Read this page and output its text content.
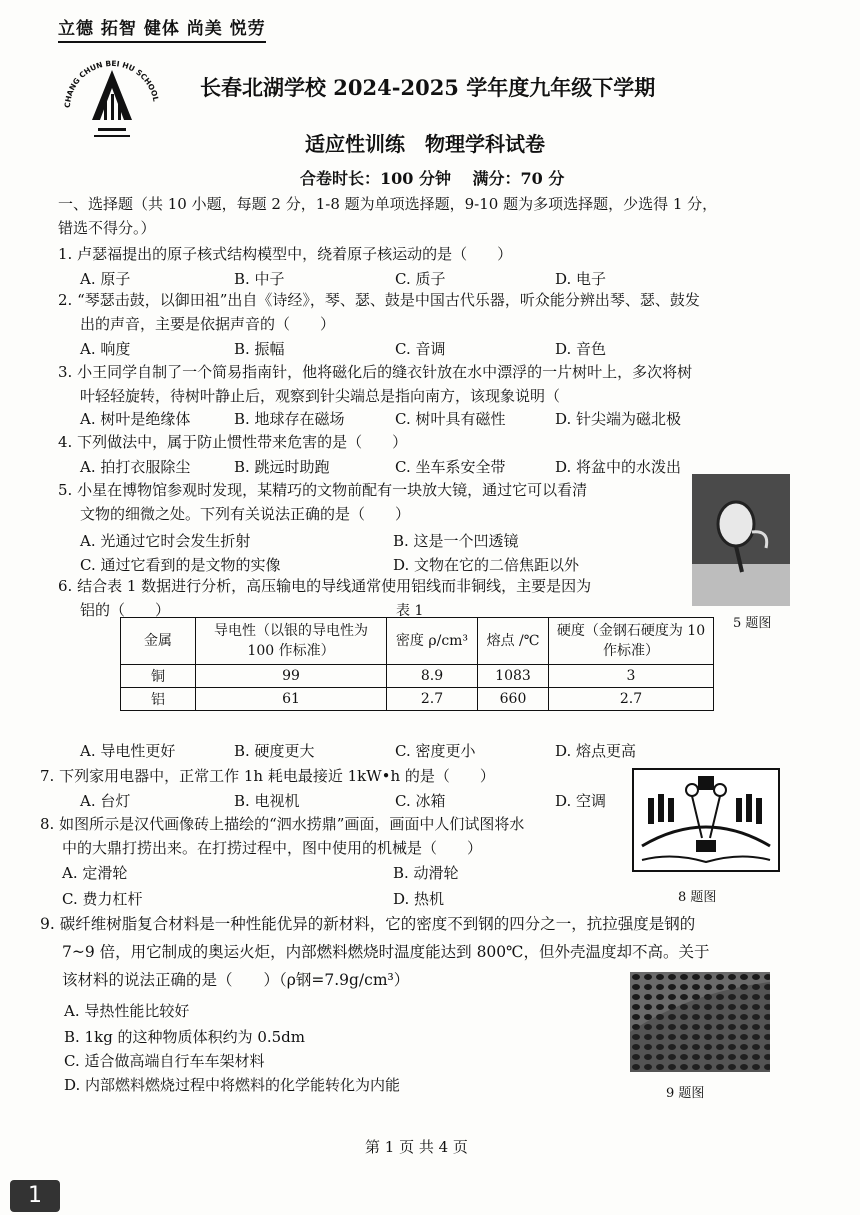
立德 拓智 健体 尚美 悦劳
CHANG CHUN BEI HU SCHOOL 长春北湖学校 2024-2025 学年度九年级下学期
适应性训练　物理学科试卷
合卷时长：100 分钟　 满分：70 分
一、选择题（共 10 小题，每题 2 分，1-8 题为单项选择题，9-10 题为多项选择题，少选得 1 分，
错选不得分。）
1. 卢瑟福提出的原子核式结构模型中，绕着原子核运动的是（　　）
A. 原子	B. 中子	C. 质子	D. 电子
2. “琴瑟击鼓，以御田祖”出自《诗经》，琴、瑟、鼓是中国古代乐器，听众能分辨出琴、瑟、鼓发
出的声音，主要是依据声音的（　　）
A. 响度	B. 振幅	C. 音调	D. 音色
3. 小王同学自制了一个简易指南针，他将磁化后的缝衣针放在水中漂浮的一片树叶上，多次将树
叶轻轻旋转，待树叶静止后，观察到针尖端总是指向南方，该现象说明（
A. 树叶是绝缘体	B. 地球存在磁场	C. 树叶具有磁性	D. 针尖端为磁北极
4. 下列做法中，属于防止惯性带来危害的是（　　）
A. 拍打衣服除尘	B. 跳远时助跑	C. 坐车系安全带	D. 将盆中的水泼出
5. 小星在博物馆参观时发现，某精巧的文物前配有一块放大镜，通过它可以看清
文物的细微之处。下列有关说法正确的是（　　）
A. 光通过它时会发生折射	B. 这是一个凹透镜
C. 通过它看到的是文物的实像	D. 文物在它的二倍焦距以外
5 题图
6. 结合表 1 数据进行分析，高压输电的导线通常使用铝线而非铜线，主要是因为
铝的（　　）	表 1
金属	导电性（以银的导电性为 100 作标准）	密度 ρ/cm³	熔点 /℃	硬度（金钢石硬度为 10 作标准）
铜	99	8.9	1083	3
铝	61	2.7	660	2.7
A. 导电性更好	B. 硬度更大	C. 密度更小	D. 熔点更高
7. 下列家用电器中，正常工作 1h 耗电最接近 1kW•h 的是（　　）
A. 台灯	B. 电视机	C. 冰箱	D. 空调
8. 如图所示是汉代画像砖上描绘的“泗水捞鼎”画面，画面中人们试图将水
中的大鼎打捞出来。在打捞过程中，图中使用的机械是（　　）
A. 定滑轮	B. 动滑轮
C. 费力杠杆	D. 热机	8 题图
9. 碳纤维树脂复合材料是一种性能优异的新材料，它的密度不到钢的四分之一，抗拉强度是钢的
7~9 倍，用它制成的奥运火炬，内部燃料燃烧时温度能达到 800℃，但外壳温度却不高。关于
该材料的说法正确的是（　　）（ρ钢=7.9g/cm³）
A. 导热性能比较好
B. 1kg 的这种物质体积约为 0.5dm
C. 适合做高端自行车车架材料
D. 内部燃料燃烧过程中将燃料的化学能转化为内能	9 题图
第 1 页 共 4 页
1
